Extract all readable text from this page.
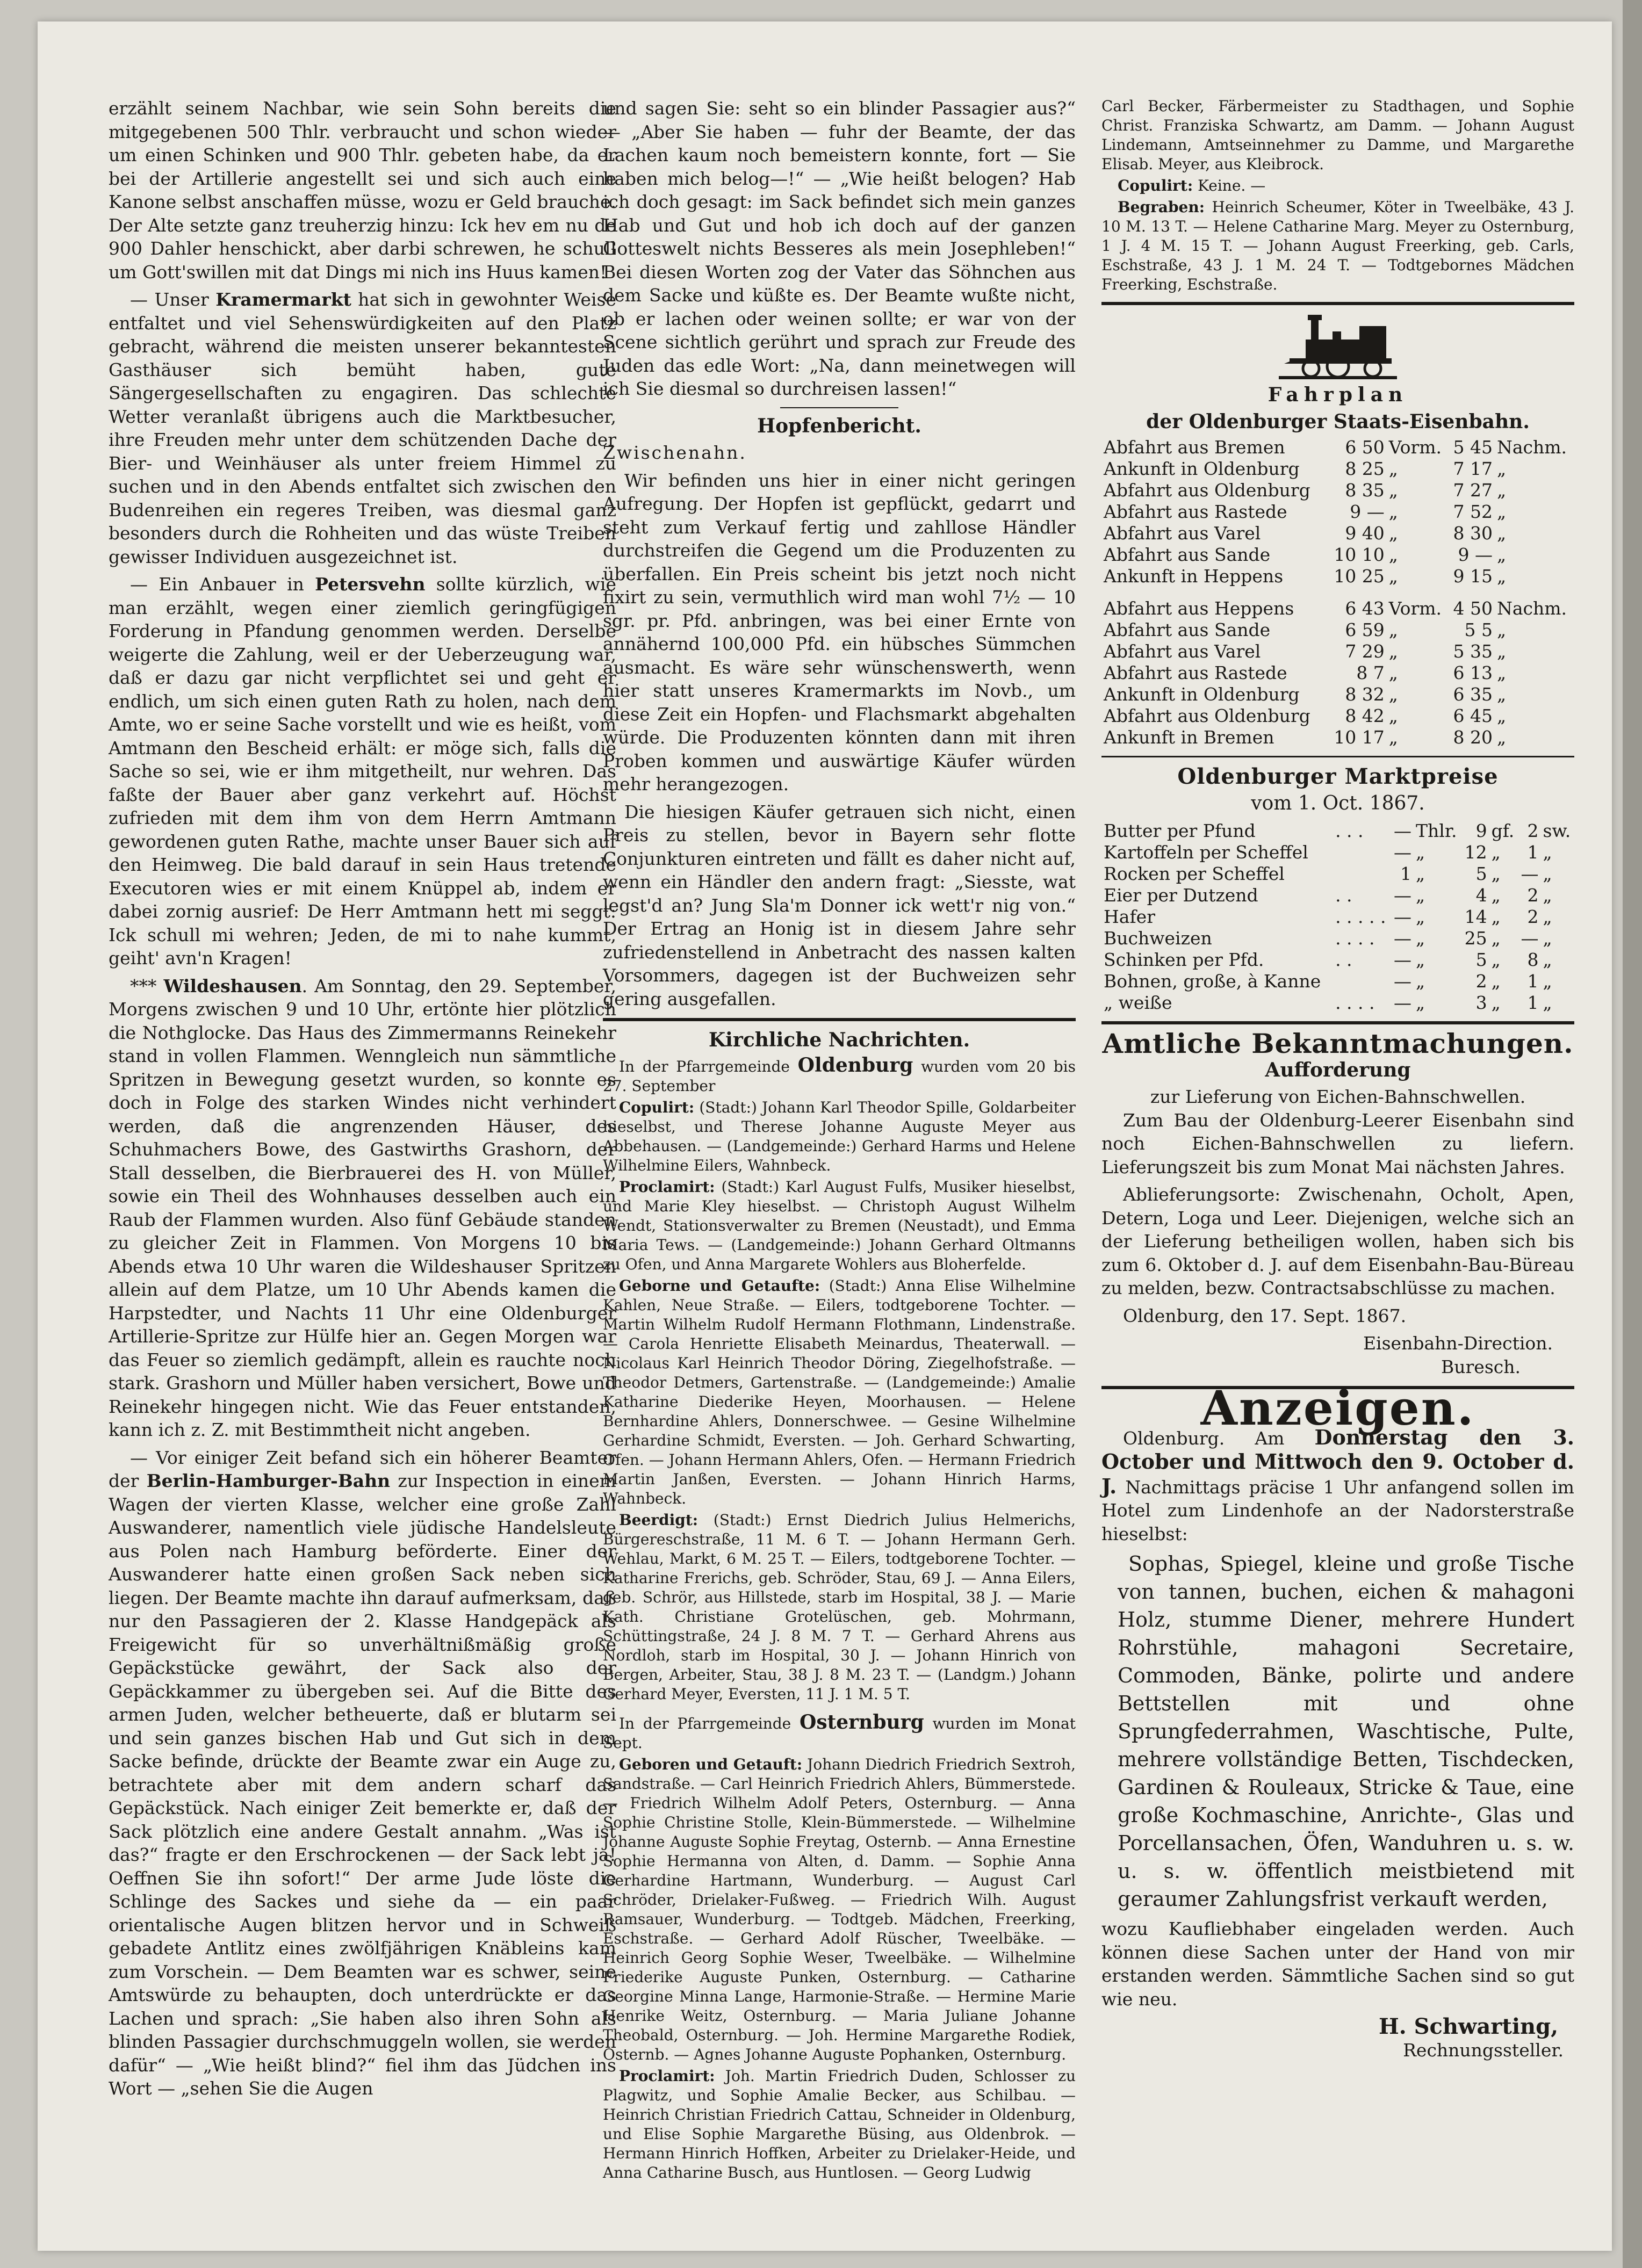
erzählt seinem Nachbar, wie sein Sohn bereits die mitgegebenen 500 Thlr. verbraucht und schon wieder um einen Schinken und 900 Thlr. gebeten habe, da er bei der Artillerie angestellt sei und sich auch eine Kanone selbst anschaffen müsse, wozu er Geld brauche. Der Alte setzte ganz treuherzig hinzu: Ick hev em nu de 900 Dahler henschickt, aber darbi schrewen, he schull um Gott'swillen mit dat Dings mi nich ins Huus kamen!

— Unser Kramermarkt hat sich in gewohnter Weise entfaltet und viel Sehenswürdigkeiten auf den Platz gebracht, während die meisten unserer bekanntesten Gasthäuser sich bemüht haben, gute Sängergesellschaften zu engagiren. Das schlechte Wetter veranlaßt übrigens auch die Marktbesucher, ihre Freuden mehr unter dem schützenden Dache der Bier- und Weinhäuser als unter freiem Himmel zu suchen und in den Abends entfaltet sich zwischen den Budenreihen ein regeres Treiben, was diesmal ganz besonders durch die Rohheiten und das wüste Treiben gewisser Individuen ausgezeichnet ist.

— Ein Anbauer in Petersvehn sollte kürzlich, wie man erzählt, wegen einer ziemlich geringfügigen Forderung in Pfandung genommen werden. Derselbe weigerte die Zahlung, weil er der Ueberzeugung war, daß er dazu gar nicht verpflichtet sei und geht er endlich, um sich einen guten Rath zu holen, nach dem Amte, wo er seine Sache vorstellt und wie es heißt, vom Amtmann den Bescheid erhält: er möge sich, falls die Sache so sei, wie er ihm mitgetheilt, nur wehren. Das faßte der Bauer aber ganz verkehrt auf. Höchst zufrieden mit dem ihm von dem Herrn Amtmann gewordenen guten Rathe, machte unser Bauer sich auf den Heimweg. Die bald darauf in sein Haus tretende Executoren wies er mit einem Knüppel ab, indem er dabei zornig ausrief: De Herr Amtmann hett mi seggt: Ick schull mi wehren; Jeden, de mi to nahe kummt, geiht' avn'n Kragen!

*** Wildeshausen. Am Sonntag, den 29. September, Morgens zwischen 9 und 10 Uhr, ertönte hier plötzlich die Nothglocke. Das Haus des Zimmermanns Reinekehr stand in vollen Flammen. Wenngleich nun sämmtliche Spritzen in Bewegung gesetzt wurden, so konnte es doch in Folge des starken Windes nicht verhindert werden, daß die angrenzenden Häuser, des Schuhmachers Bowe, des Gastwirths Grashorn, der Stall desselben, die Bierbrauerei des H. von Müller, sowie ein Theil des Wohnhauses desselben auch ein Raub der Flammen wurden. Also fünf Gebäude standen zu gleicher Zeit in Flammen. Von Morgens 10 bis Abends etwa 10 Uhr waren die Wildeshauser Spritzen allein auf dem Platze, um 10 Uhr Abends kamen die Harpstedter, und Nachts 11 Uhr eine Oldenburger Artillerie-Spritze zur Hülfe hier an. Gegen Morgen war das Feuer so ziemlich gedämpft, allein es rauchte noch stark. Grashorn und Müller haben versichert, Bowe und Reinekehr hingegen nicht. Wie das Feuer entstanden, kann ich z. Z. mit Bestimmtheit nicht angeben.

— Vor einiger Zeit befand sich ein höherer Beamter der Berlin-Hamburger-Bahn zur Inspection in einem Wagen der vierten Klasse, welcher eine große Zahl Auswanderer, namentlich viele jüdische Handelsleute aus Polen nach Hamburg beförderte. Einer der Auswanderer hatte einen großen Sack neben sich liegen. Der Beamte machte ihn darauf aufmerksam, daß nur den Passagieren der 2. Klasse Handgepäck als Freigewicht für so unverhältnißmäßig große Gepäckstücke gewährt, der Sack also der Gepäckkammer zu übergeben sei. Auf die Bitte des armen Juden, welcher betheuerte, daß er blutarm sei und sein ganzes bischen Hab und Gut sich in dem Sacke befinde, drückte der Beamte zwar ein Auge zu, betrachtete aber mit dem andern scharf das Gepäckstück. Nach einiger Zeit bemerkte er, daß der Sack plötzlich eine andere Gestalt annahm. „Was ist das?“ fragte er den Erschrockenen — der Sack lebt ja! Oeffnen Sie ihn sofort!“ Der arme Jude löste die Schlinge des Sackes und siehe da — ein paar orientalische Augen blitzen hervor und in Schweiß gebadete Antlitz eines zwölfjährigen Knäbleins kam zum Vorschein. — Dem Beamten war es schwer, seine Amtswürde zu behaupten, doch unterdrückte er das Lachen und sprach: „Sie haben also ihren Sohn als blinden Passagier durchschmuggeln wollen, sie werden dafür“ — „Wie heißt blind?“ fiel ihm das Jüdchen ins Wort — „sehen Sie die Augen

und sagen Sie: seht so ein blinder Passagier aus?“ — „Aber Sie haben — fuhr der Beamte, der das Lachen kaum noch bemeistern konnte, fort — Sie haben mich belog—!“ — „Wie heißt belogen? Hab ich doch gesagt: im Sack befindet sich mein ganzes Hab und Gut und hob ich doch auf der ganzen Gotteswelt nichts Besseres als mein Josephleben!“ Bei diesen Worten zog der Vater das Söhnchen aus dem Sacke und küßte es. Der Beamte wußte nicht, ob er lachen oder weinen sollte; er war von der Scene sichtlich gerührt und sprach zur Freude des Juden das edle Wort: „Na, dann meinetwegen will ich Sie diesmal so durchreisen lassen!“

Hopfenbericht.

Zwischenahn.

Wir befinden uns hier in einer nicht geringen Aufregung. Der Hopfen ist gepflückt, gedarrt und steht zum Verkauf fertig und zahllose Händler durchstreifen die Gegend um die Produzenten zu überfallen. Ein Preis scheint bis jetzt noch nicht fixirt zu sein, vermuthlich wird man wohl 7½ — 10 sgr. pr. Pfd. anbringen, was bei einer Ernte von annähernd 100,000 Pfd. ein hübsches Sümmchen ausmacht. Es wäre sehr wünschenswerth, wenn hier statt unseres Kramermarkts im Novb., um diese Zeit ein Hopfen- und Flachsmarkt abgehalten würde. Die Produzenten könnten dann mit ihren Proben kommen und auswärtige Käufer würden mehr herangezogen.

Die hiesigen Käufer getrauen sich nicht, einen Preis zu stellen, bevor in Bayern sehr flotte Conjunkturen eintreten und fällt es daher nicht auf, wenn ein Händler den andern fragt: „Siesste, wat legst'd an? Jung Sla'm Donner ick wett'r nig von.“ Der Ertrag an Honig ist in diesem Jahre sehr zufriedenstellend in Anbetracht des nassen kalten Vorsommers, dagegen ist der Buchweizen sehr gering ausgefallen.

Kirchliche Nachrichten.

In der Pfarrgemeinde Oldenburg wurden vom 20 bis 27. September

Copulirt: (Stadt:) Johann Karl Theodor Spille, Goldarbeiter hieselbst, und Therese Johanne Auguste Meyer aus Abbehausen. — (Landgemeinde:) Gerhard Harms und Helene Wilhelmine Eilers, Wahnbeck.

Proclamirt: (Stadt:) Karl August Fulfs, Musiker hieselbst, und Marie Kley hieselbst. — Christoph August Wilhelm Wendt, Stationsverwalter zu Bremen (Neustadt), und Emma Maria Tews. — (Landgemeinde:) Johann Gerhard Oltmanns zu Ofen, und Anna Margarete Wohlers aus Bloherfelde.

Geborne und Getaufte: (Stadt:) Anna Elise Wilhelmine Kahlen, Neue Straße. — Eilers, todtgeborene Tochter. — Martin Wilhelm Rudolf Hermann Flothmann, Lindenstraße. — Carola Henriette Elisabeth Meinardus, Theaterwall. — Nicolaus Karl Heinrich Theodor Döring, Ziegelhofstraße. — Theodor Detmers, Gartenstraße. — (Landgemeinde:) Amalie Katharine Diederike Heyen, Moorhausen. — Helene Bernhardine Ahlers, Donnerschwee. — Gesine Wilhelmine Gerhardine Schmidt, Eversten. — Joh. Gerhard Schwarting, Ofen. — Johann Hermann Ahlers, Ofen. — Hermann Friedrich Martin Janßen, Eversten. — Johann Hinrich Harms, Wahnbeck.

Beerdigt: (Stadt:) Ernst Diedrich Julius Helmerichs, Bürgereschstraße, 11 M. 6 T. — Johann Hermann Gerh. Wehlau, Markt, 6 M. 25 T. — Eilers, todtgeborene Tochter. — Katharine Frerichs, geb. Schröder, Stau, 69 J. — Anna Eilers, geb. Schrör, aus Hillstede, starb im Hospital, 38 J. — Marie Kath. Christiane Grotelüschen, geb. Mohrmann, Schüttingstraße, 24 J. 8 M. 7 T. — Gerhard Ahrens aus Nordloh, starb im Hospital, 30 J. — Johann Hinrich von Bergen, Arbeiter, Stau, 38 J. 8 M. 23 T. — (Landgm.) Johann Gerhard Meyer, Eversten, 11 J. 1 M. 5 T.

In der Pfarrgemeinde Osternburg wurden im Monat Sept.

Geboren und Getauft: Johann Diedrich Friedrich Sextroh, Sandstraße. — Carl Heinrich Friedrich Ahlers, Bümmerstede. — Friedrich Wilhelm Adolf Peters, Osternburg. — Anna Sophie Christine Stolle, Klein-Bümmerstede. — Wilhelmine Johanne Auguste Sophie Freytag, Osternb. — Anna Ernestine Sophie Hermanna von Alten, d. Damm. — Sophie Anna Gerhardine Hartmann, Wunderburg. — August Carl Schröder, Drielaker-Fußweg. — Friedrich Wilh. August Ramsauer, Wunderburg. — Todtgeb. Mädchen, Freerking, Eschstraße. — Gerhard Adolf Rüscher, Tweelbäke. — Heinrich Georg Sophie Weser, Tweelbäke. — Wilhelmine Friederike Auguste Punken, Osternburg. — Catharine Georgine Minna Lange, Harmonie-Straße. — Hermine Marie Henrike Weitz, Osternburg. — Maria Juliane Johanne Theobald, Osternburg. — Joh. Hermine Margarethe Rodiek, Osternb. — Agnes Johanne Auguste Pophanken, Osternburg.

Proclamirt: Joh. Martin Friedrich Duden, Schlosser zu Plagwitz, und Sophie Amalie Becker, aus Schilbau. — Heinrich Christian Friedrich Cattau, Schneider in Oldenburg, und Elise Sophie Margarethe Büsing, aus Oldenbrok. — Hermann Hinrich Hoffken, Arbeiter zu Drielaker-Heide, und Anna Catharine Busch, aus Huntlosen. — Georg Ludwig

Carl Becker, Färbermeister zu Stadthagen, und Sophie Christ. Franziska Schwartz, am Damm. — Johann August Lindemann, Amtseinnehmer zu Damme, und Margarethe Elisab. Meyer, aus Kleibrock.

Copulirt: Keine. —

Begraben: Heinrich Scheumer, Köter in Tweelbäke, 43 J. 10 M. 13 T. — Helene Catharine Marg. Meyer zu Osternburg, 1 J. 4 M. 15 T. — Johann August Freerking, geb. Carls, Eschstraße, 43 J. 1 M. 24 T. — Todtgebornes Mädchen Freerking, Eschstraße.

Fahrplan
der Oldenburger Staats-Eisenbahn.
Abfahrt aus Bremen	6 50	Vorm.	5 45	Nachm.
Ankunft in Oldenburg	8 25	„	7 17	„
Abfahrt aus Oldenburg	8 35	„	7 27	„
Abfahrt aus Rastede	9 —	„	7 52	„
Abfahrt aus Varel	9 40	„	8 30	„
Abfahrt aus Sande	10 10	„	9 —	„
Ankunft in Heppens	10 25	„	9 15	„
Abfahrt aus Heppens	6 43	Vorm.	4 50	Nachm.
Abfahrt aus Sande	6 59	„	5 5	„
Abfahrt aus Varel	7 29	„	5 35	„
Abfahrt aus Rastede	8 7	„	6 13	„
Ankunft in Oldenburg	8 32	„	6 35	„
Abfahrt aus Oldenburg	8 42	„	6 45	„
Ankunft in Bremen	10 17	„	8 20	„
Oldenburger Marktpreise
vom 1. Oct. 1867.
Butter per Pfund	. . .	—	Thlr.	9	gf.	2	sw.
Kartoffeln per Scheffel		—	„	12	„	1	„
Rocken per Scheffel		1	„	5	„	—	„
Eier per Dutzend	. .	—	„	4	„	2	„
Hafer	. . . . .	—	„	14	„	2	„
Buchweizen	. . . .	—	„	25	„	—	„
Schinken per Pfd.	. .	—	„	5	„	8	„
Bohnen, große, à Kanne		—	„	2	„	1	„
„ weiße	. . . .	—	„	3	„	1	„
Amtliche Bekanntmachungen.
Aufforderung
zur Lieferung von Eichen-Bahnschwellen.

Zum Bau der Oldenburg-Leerer Eisenbahn sind noch Eichen-Bahnschwellen zu liefern. Lieferungszeit bis zum Monat Mai nächsten Jahres.

Ablieferungsorte: Zwischenahn, Ocholt, Apen, Detern, Loga und Leer. Diejenigen, welche sich an der Lieferung betheiligen wollen, haben sich bis zum 6. Oktober d. J. auf dem Eisenbahn-Bau-Büreau zu melden, bezw. Contractsabschlüsse zu machen.

Oldenburg, den 17. Sept. 1867.

Eisenbahn-Direction.
Buresch.
Anzeigen.

Oldenburg. Am Donnerstag den 3. October und Mittwoch den 9. October d. J. Nachmittags präcise 1 Uhr anfangend sollen im Hotel zum Lindenhofe an der Nadorsterstraße hieselbst:

Sophas, Spiegel, kleine und große Tische von tannen, buchen, eichen & mahagoni Holz, stumme Diener, mehrere Hundert Rohrstühle, mahagoni Secretaire, Commoden, Bänke, polirte und andere Bettstellen mit und ohne Sprungfederrahmen, Waschtische, Pulte, mehrere vollständige Betten, Tischdecken, Gardinen & Rouleaux, Stricke & Taue, eine große Kochmaschine, Anrichte-, Glas und Porcellansachen, Öfen, Wanduhren u. s. w. u. s. w. öffentlich meistbietend mit geraumer Zahlungsfrist verkauft werden,

wozu Kaufliebhaber eingeladen werden. Auch können diese Sachen unter der Hand von mir erstanden werden. Sämmtliche Sachen sind so gut wie neu.

H. Schwarting,
Rechnungssteller.
